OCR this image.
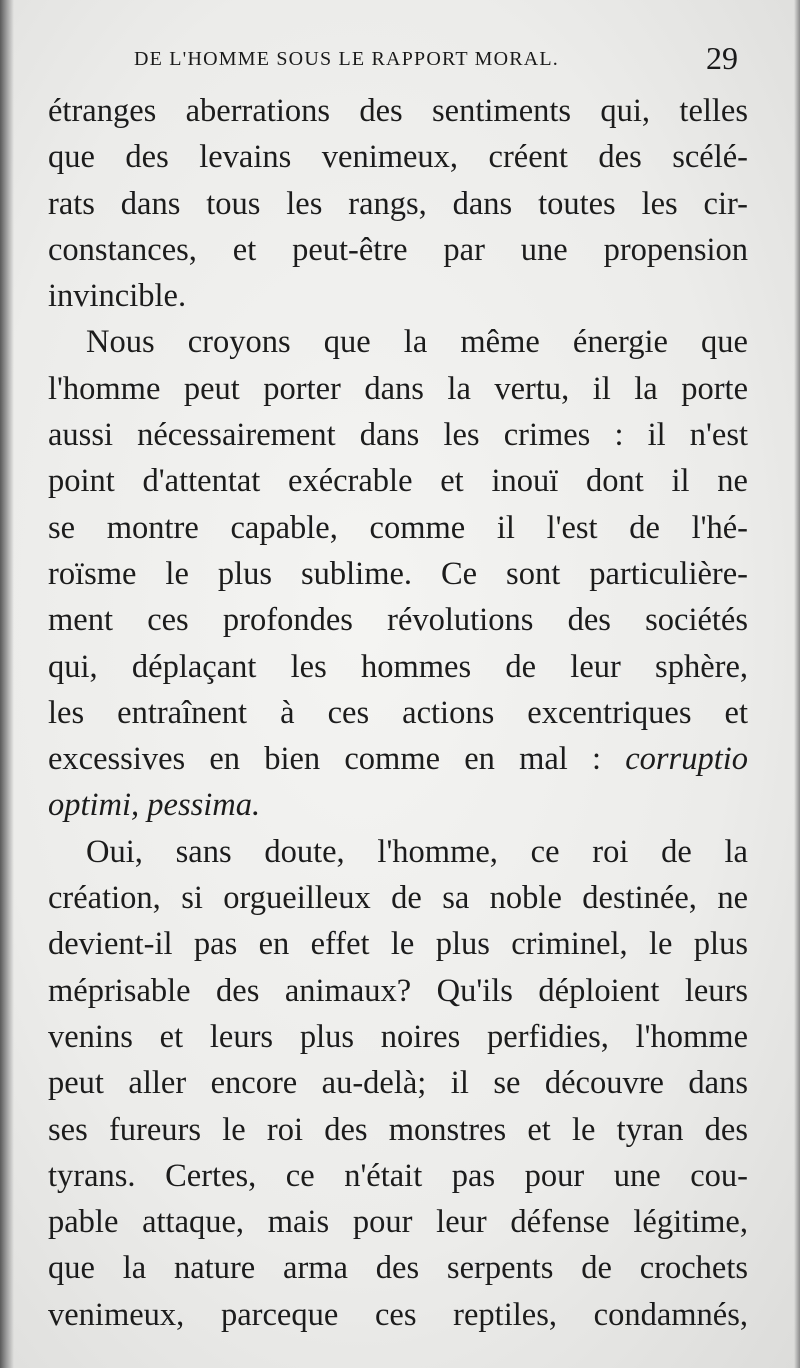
DE L'HOMME SOUS LE RAPPORT MORAL.	29
étranges aberrations des sentiments qui, telles
que des levains venimeux, créent des scélé-
rats dans tous les rangs, dans toutes les cir-
constances, et peut-être par une propension
invincible.
Nous croyons que la même énergie que
l'homme peut porter dans la vertu, il la porte
aussi nécessairement dans les crimes : il n'est
point d'attentat exécrable et inouï dont il ne
se montre capable, comme il l'est de l'hé-
roïsme le plus sublime. Ce sont particulière-
ment ces profondes révolutions des sociétés
qui, déplaçant les hommes de leur sphère,
les entraînent à ces actions excentriques et
excessives en bien comme en mal : corruptio
optimi, pessima.
Oui, sans doute, l'homme, ce roi de la
création, si orgueilleux de sa noble destinée, ne
devient-il pas en effet le plus criminel, le plus
méprisable des animaux? Qu'ils déploient leurs
venins et leurs plus noires perfidies, l'homme
peut aller encore au-delà; il se découvre dans
ses fureurs le roi des monstres et le tyran des
tyrans. Certes, ce n'était pas pour une cou-
pable attaque, mais pour leur défense légitime,
que la nature arma des serpents de crochets
venimeux, parceque ces reptiles, condamnés,
